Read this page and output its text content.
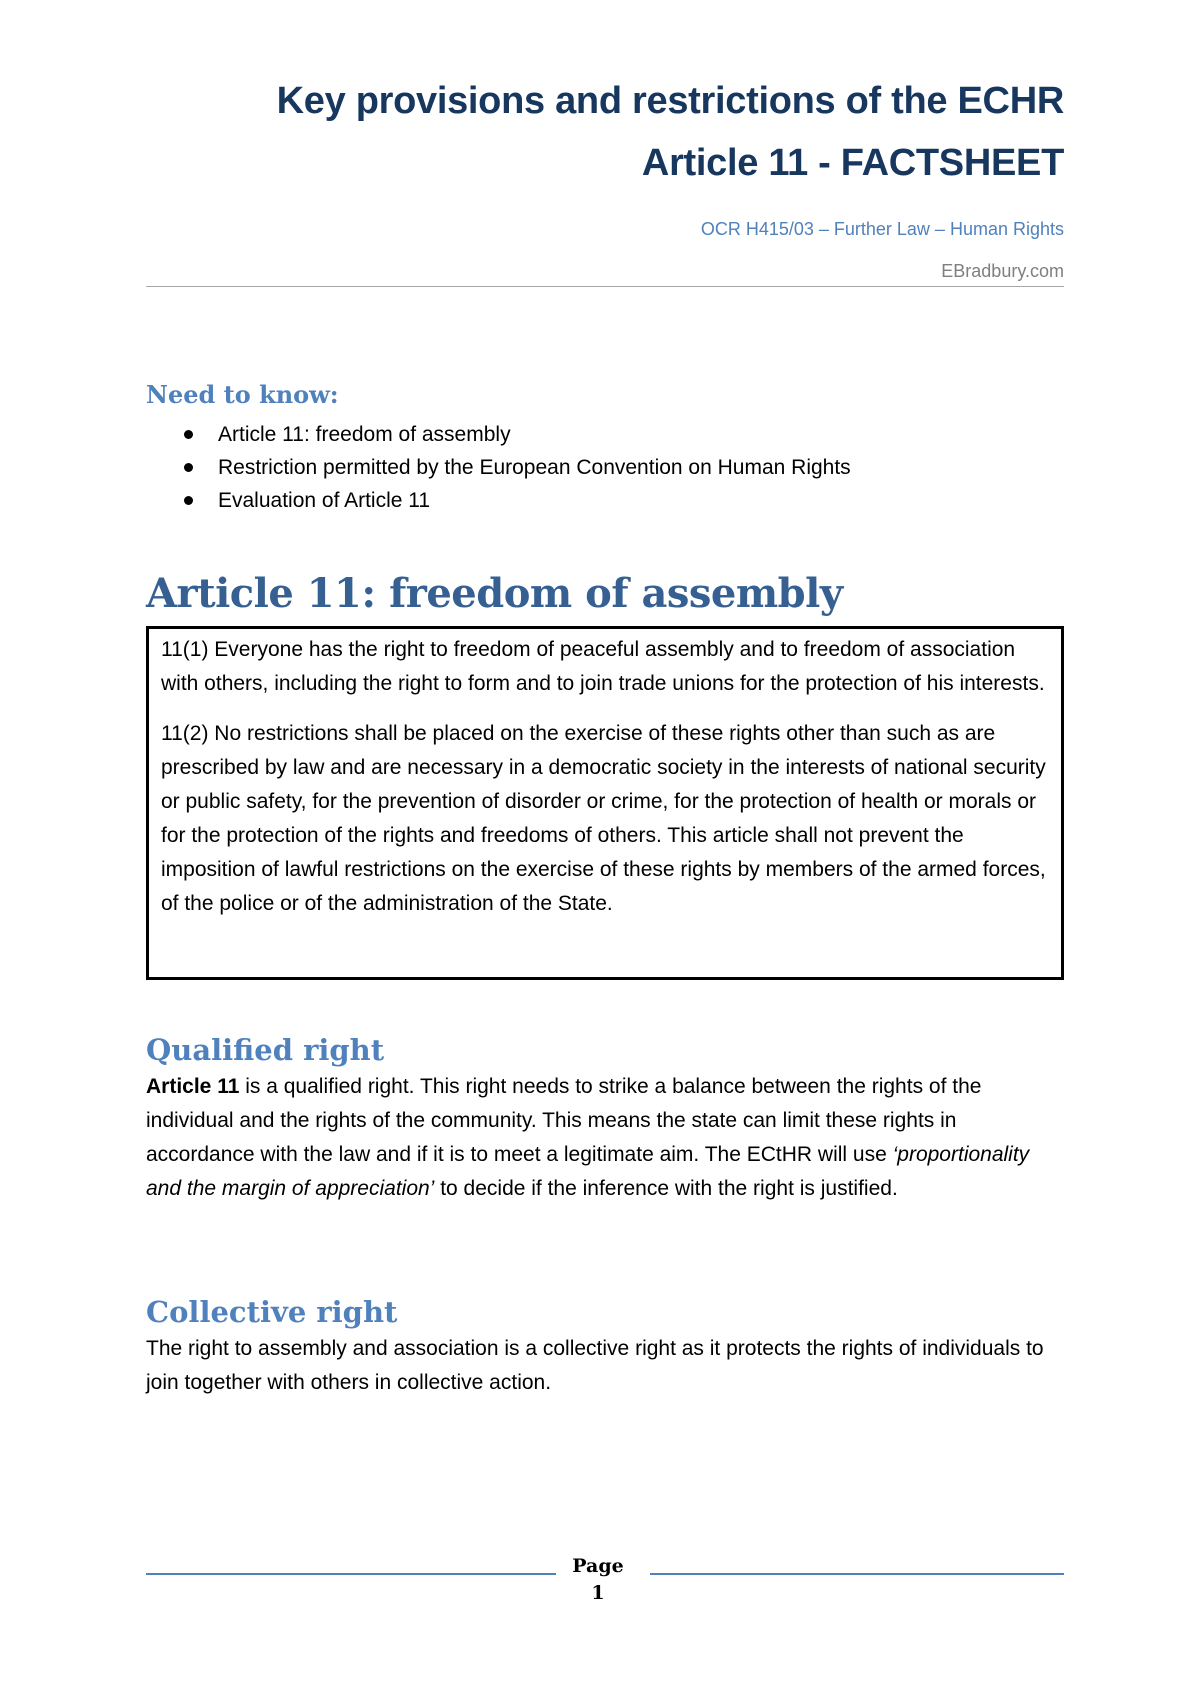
Key provisions and restrictions of the ECHR
Article 11 - FACTSHEET
OCR H415/03 – Further Law – Human Rights
EBradbury.com
Need to know:
Article 11: freedom of assembly
Restriction permitted by the European Convention on Human Rights
Evaluation of Article 11
Article 11: freedom of assembly

11(1) Everyone has the right to freedom of peaceful assembly and to freedom of association with others, including the right to form and to join trade unions for the protection of his interests.

11(2) No restrictions shall be placed on the exercise of these rights other than such as are prescribed by law and are necessary in a democratic society in the interests of national security or public safety, for the prevention of disorder or crime, for the protection of health or morals or for the protection of the rights and freedoms of others. This article shall not prevent the imposition of lawful restrictions on the exercise of these rights by members of the armed forces, of the police or of the administration of the State.

Qualified right

Article 11 is a qualified right. This right needs to strike a balance between the rights of the individual and the rights of the community. This means the state can limit these rights in accordance with the law and if it is to meet a legitimate aim. The ECtHR will use ‘proportionality and the margin of appreciation’ to decide if the inference with the right is justified.

Collective right

The right to assembly and association is a collective right as it protects the rights of individuals to join together with others in collective action.

Page
1
